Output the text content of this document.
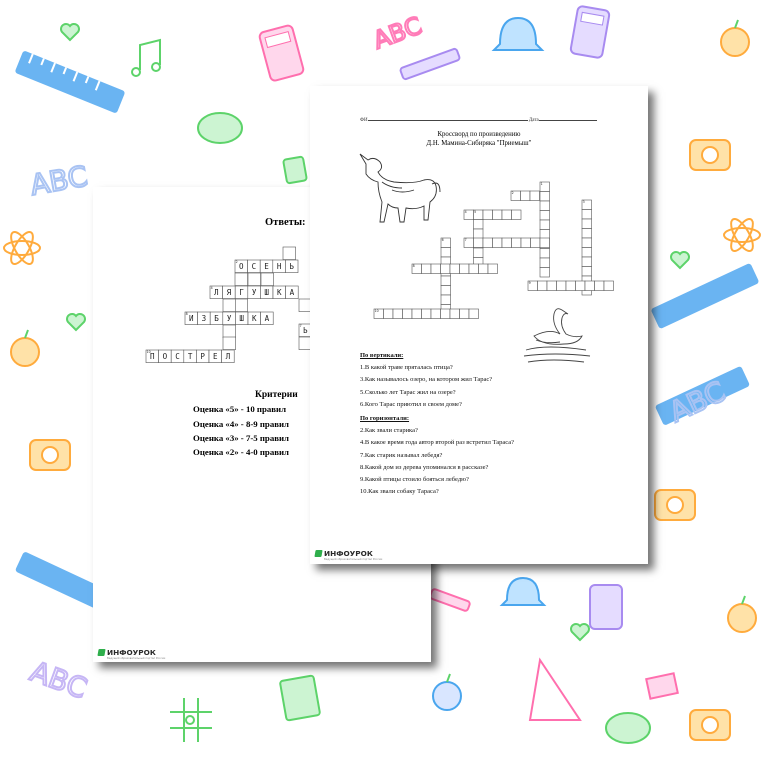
ABC
ABC
ABC
ABC
Ответы:
О
2 С Е Н Ь
Л
4 Я Г У Ш К А
Ь
7
И
8 З Б У Ш К А
П
10 О С Т Р Е Л
Критерии
Оценка «5» - 10 правил
Оценка «4» - 8-9 правил
Оценка «3» - 7-5 правил
Оценка «2» - 4-0 правил
ИНФОУРОК
Ведущий образовательный портал России
ФИ	Дата
Кроссворд по произведению
Д.Н. Мамина-Сибиряка "Приемыш"
1
3
4 5
7
6
8
9
10
2
По вертикали:
1.В какой траве пряталась птица?
3.Как называлось озеро, на котором жил Тарас?
5.Сколько лет Тарас жил на озере?
6.Кого Тарас приютил в своем доме?
По горизонтали:
2.Как звали старика?
4.В какое время года автор второй раз встретил Тараса?
7.Как старик называл лебедя?
8.Какой дом из дерева упоминался в рассказе?
9.Какой птицы стоило бояться лебедю?
10.Как звали собаку Тараса?
ИНФОУРОК
Ведущий образовательный портал России
